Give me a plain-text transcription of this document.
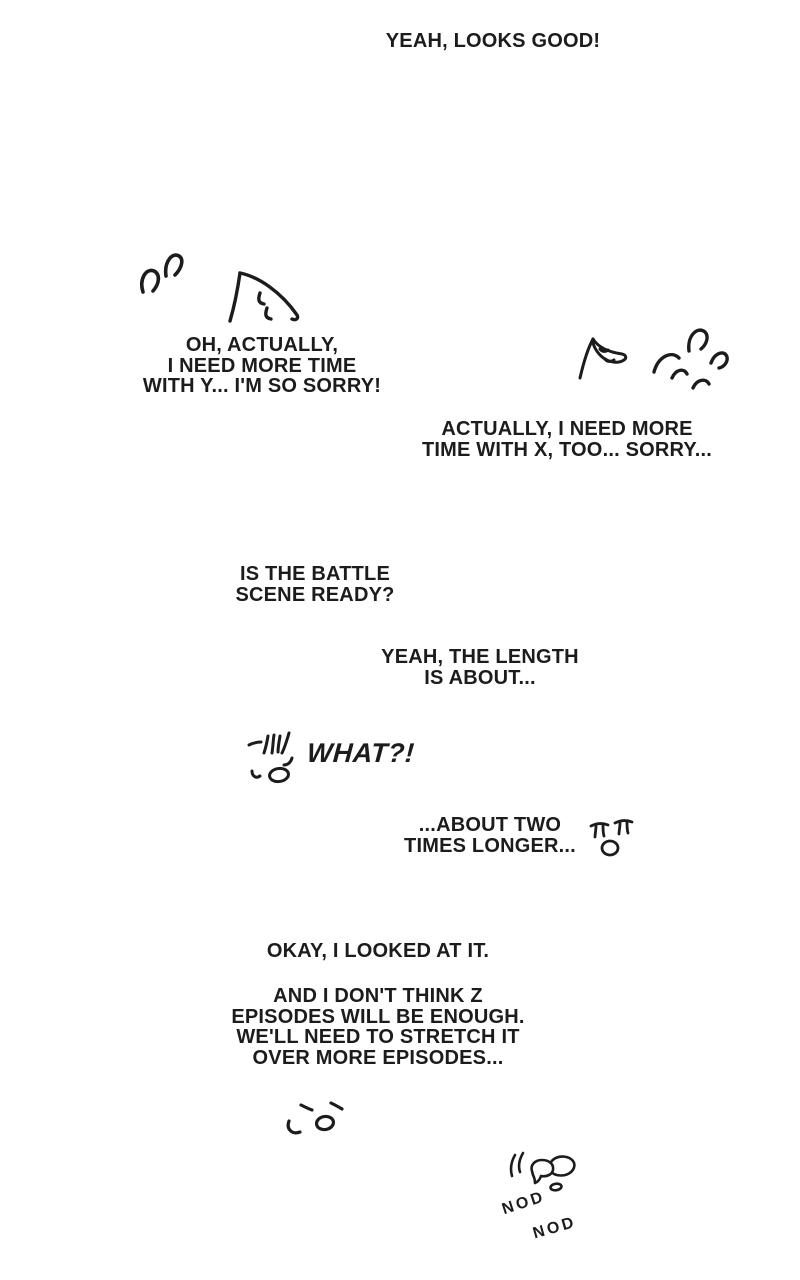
YEAH, LOOKS GOOD!
OH, ACTUALLY,
I NEED MORE TIME
WITH Y... I'M SO SORRY!
ACTUALLY, I NEED MORE
TIME WITH X, TOO... SORRY...
IS THE BATTLE
SCENE READY?
YEAH, THE LENGTH
IS ABOUT...
WHAT?!
...ABOUT TWO
TIMES LONGER...
OKAY, I LOOKED AT IT.
AND I DON'T THINK Z
EPISODES WILL BE ENOUGH.
WE'LL NEED TO STRETCH IT
OVER MORE EPISODES...
NOD
NOD
